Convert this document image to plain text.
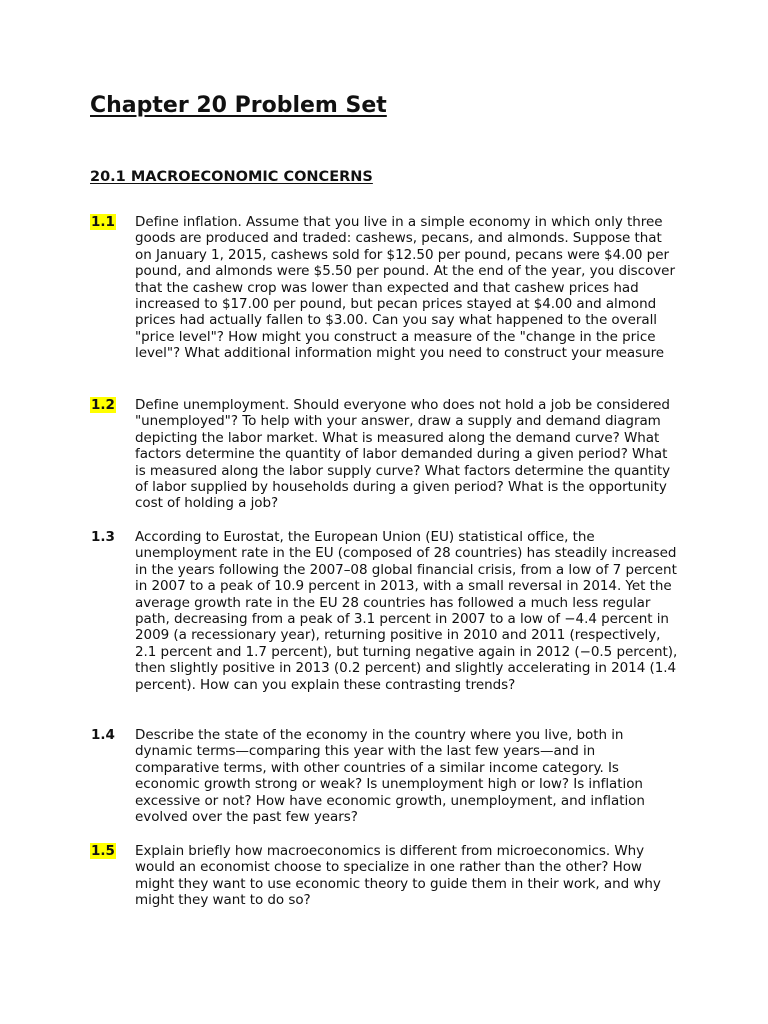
Chapter 20 Problem Set
20.1 MACROECONOMIC CONCERNS
1.1 Define inflation. Assume that you live in a simple economy in which only three goods are produced and traded: cashews, pecans, and almonds. Suppose that on January 1, 2015, cashews sold for $12.50 per pound, pecans were $4.00 per pound, and almonds were $5.50 per pound. At the end of the year, you discover that the cashew crop was lower than expected and that cashew prices had increased to $17.00 per pound, but pecan prices stayed at $4.00 and almond prices had actually fallen to $3.00. Can you say what happened to the overall "price level"? How might you construct a measure of the "change in the price level"? What additional information might you need to construct your measure

1.2 Define unemployment. Should everyone who does not hold a job be considered "unemployed"? To help with your answer, draw a supply and demand diagram depicting the labor market. What is measured along the demand curve? What factors determine the quantity of labor demanded during a given period? What is measured along the labor supply curve? What factors determine the quantity of labor supplied by households during a given period? What is the opportunity cost of holding a job?

1.3 According to Eurostat, the European Union (EU) statistical office, the unemployment rate in the EU (composed of 28 countries) has steadily increased in the years following the 2007–08 global financial crisis, from a low of 7 percent in 2007 to a peak of 10.9 percent in 2013, with a small reversal in 2014. Yet the average growth rate in the EU 28 countries has followed a much less regular path, decreasing from a peak of 3.1 percent in 2007 to a low of −4.4 percent in 2009 (a recessionary year), returning positive in 2010 and 2011 (respectively, 2.1 percent and 1.7 percent), but turning negative again in 2012 (−0.5 percent), then slightly positive in 2013 (0.2 percent) and slightly accelerating in 2014 (1.4 percent). How can you explain these contrasting trends?

1.4 Describe the state of the economy in the country where you live, both in dynamic terms—comparing this year with the last few years—and in comparative terms, with other countries of a similar income category. Is economic growth strong or weak? Is unemployment high or low? Is inflation excessive or not? How have economic growth, unemployment, and inflation evolved over the past few years?

1.5 Explain briefly how macroeconomics is different from microeconomics. Why would an economist choose to specialize in one rather than the other? How might they want to use economic theory to guide them in their work, and why might they want to do so?
